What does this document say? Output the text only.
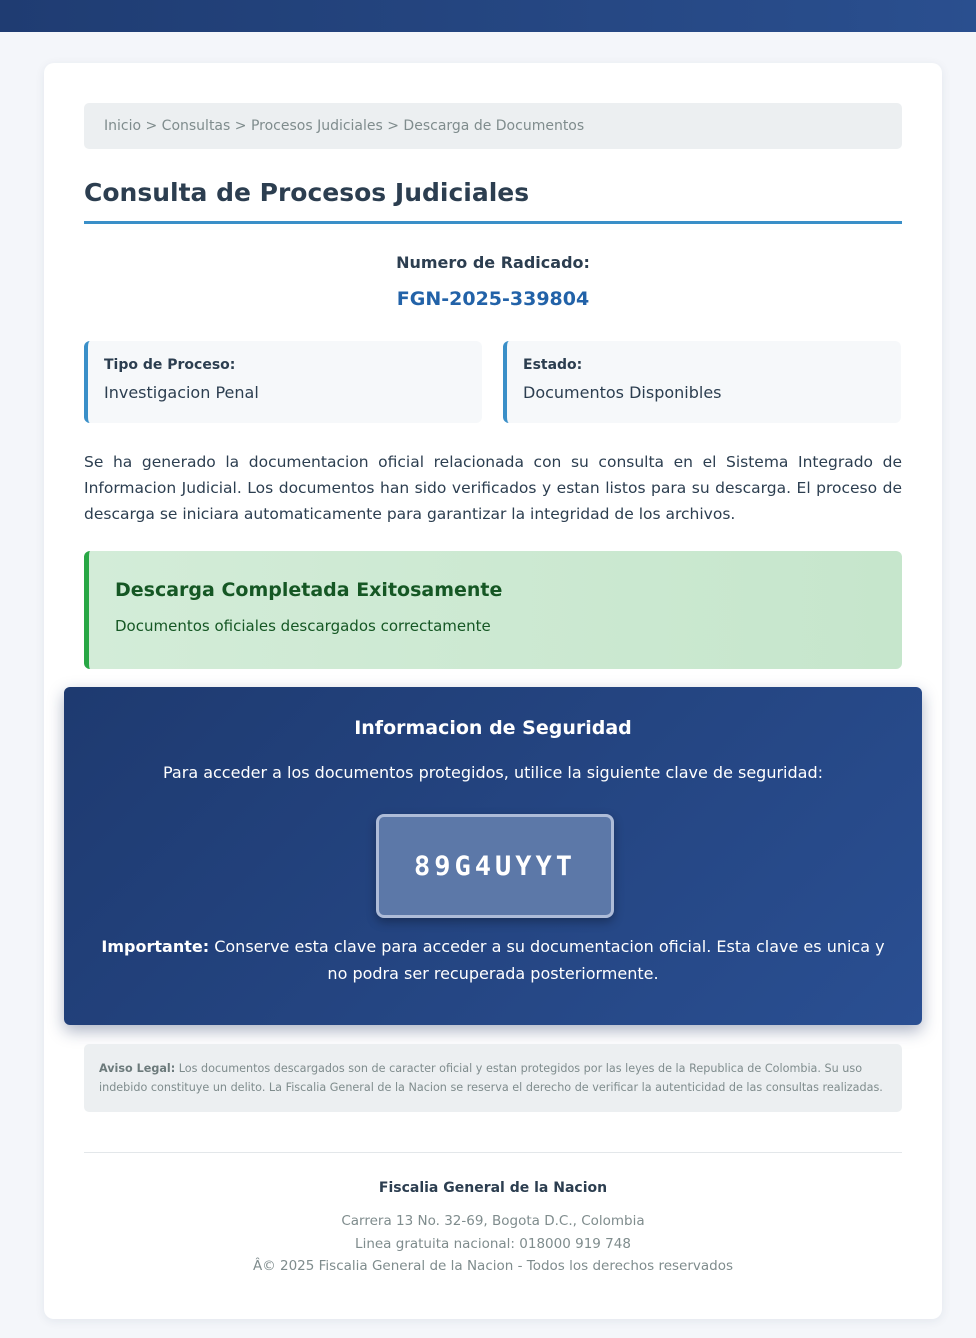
Inicio > Consultas > Procesos Judiciales > Descarga de Documentos
Consulta de Procesos Judiciales
Numero de Radicado:
FGN-2025-339804
Tipo de Proceso:
Investigacion Penal
Estado:
Documentos Disponibles

Se ha generado la documentacion oficial relacionada con su consulta en el Sistema Integrado de Informacion Judicial. Los documentos han sido verificados y estan listos para su descarga. El proceso de descarga se iniciara automaticamente para garantizar la integridad de los archivos.

Descarga Completada Exitosamente
Documentos oficiales descargados correctamente
Informacion de Seguridad
Para acceder a los documentos protegidos, utilice la siguiente clave de seguridad:
89G4UYYT
Importante: Conserve esta clave para acceder a su documentacion oficial. Esta clave es unica y no podra ser recuperada posteriormente.
Aviso Legal: Los documentos descargados son de caracter oficial y estan protegidos por las leyes de la Republica de Colombia. Su uso indebido constituye un delito. La Fiscalia General de la Nacion se reserva el derecho de verificar la autenticidad de las consultas realizadas.
Fiscalia General de la Nacion
Carrera 13 No. 32-69, Bogota D.C., Colombia
Linea gratuita nacional: 018000 919 748
Â© 2025 Fiscalia General de la Nacion - Todos los derechos reservados
